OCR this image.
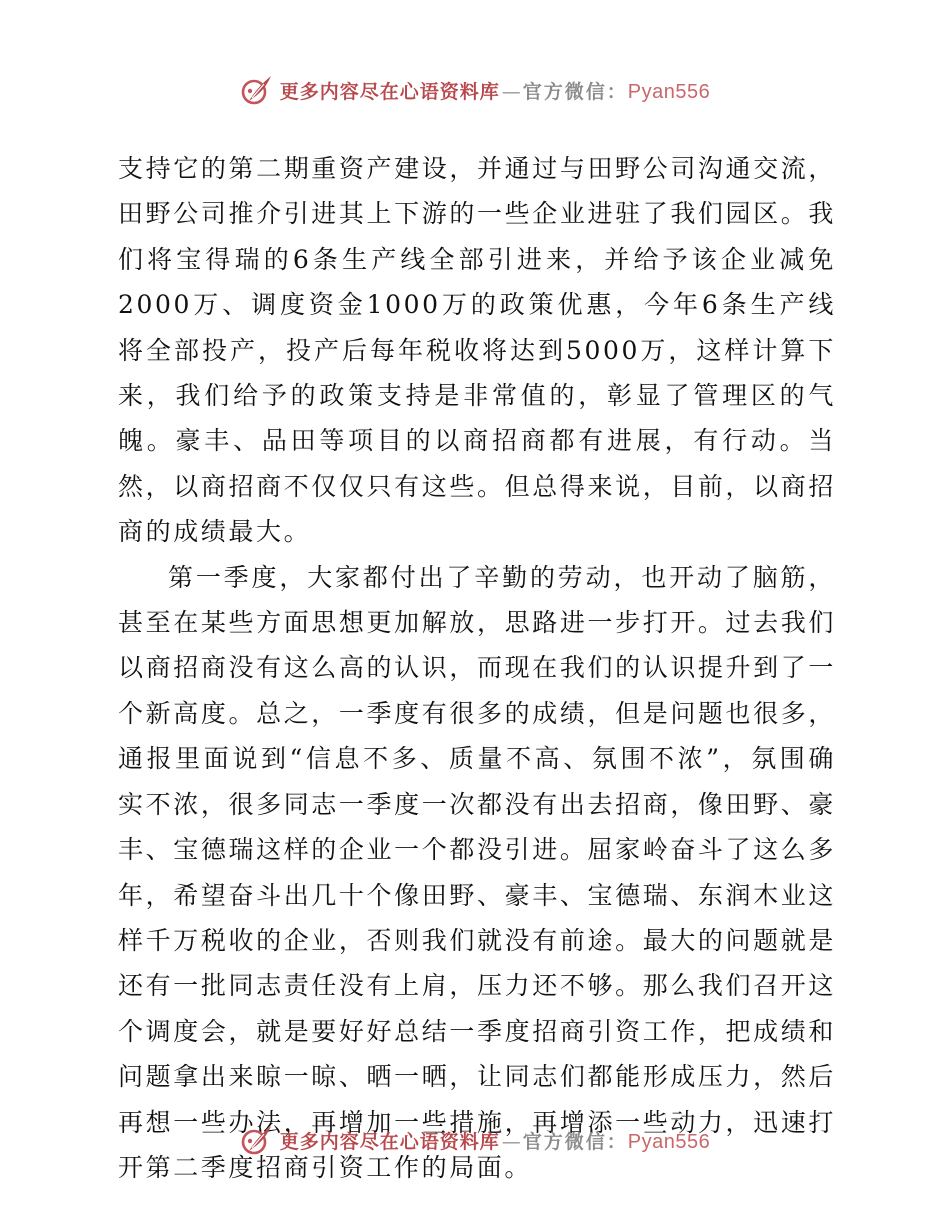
更多内容尽在心语资料库 — 官方微信： Pyan556

支持它的第二期重资产建设，并通过与田野公司沟通交流，田野公司推介引进其上下游的一些企业进驻了我们园区。我们将宝得瑞的6条生产线全部引进来，并给予该企业减免2000万、调度资金1000万的政策优惠，今年6条生产线将全部投产，投产后每年税收将达到5000万，这样计算下来，我们给予的政策支持是非常值的，彰显了管理区的气魄。豪丰、品田等项目的以商招商都有进展，有行动。当然，以商招商不仅仅只有这些。但总得来说，目前，以商招商的成绩最大。

第一季度，大家都付出了辛勤的劳动，也开动了脑筋，甚至在某些方面思想更加解放，思路进一步打开。过去我们以商招商没有这么高的认识，而现在我们的认识提升到了一个新高度。总之，一季度有很多的成绩，但是问题也很多，通报里面说到“信息不多、质量不高、氛围不浓”，氛围确实不浓，很多同志一季度一次都没有出去招商，像田野、豪丰、宝德瑞这样的企业一个都没引进。屈家岭奋斗了这么多年，希望奋斗出几十个像田野、豪丰、宝德瑞、东润木业这样千万税收的企业，否则我们就没有前途。最大的问题就是还有一批同志责任没有上肩，压力还不够。那么我们召开这个调度会，就是要好好总结一季度招商引资工作，把成绩和问题拿出来晾一晾、晒一晒，让同志们都能形成压力，然后再想一些办法，再增加一些措施，再增添一些动力，迅速打开第二季度招商引资工作的局面。

更多内容尽在心语资料库 — 官方微信： Pyan556
